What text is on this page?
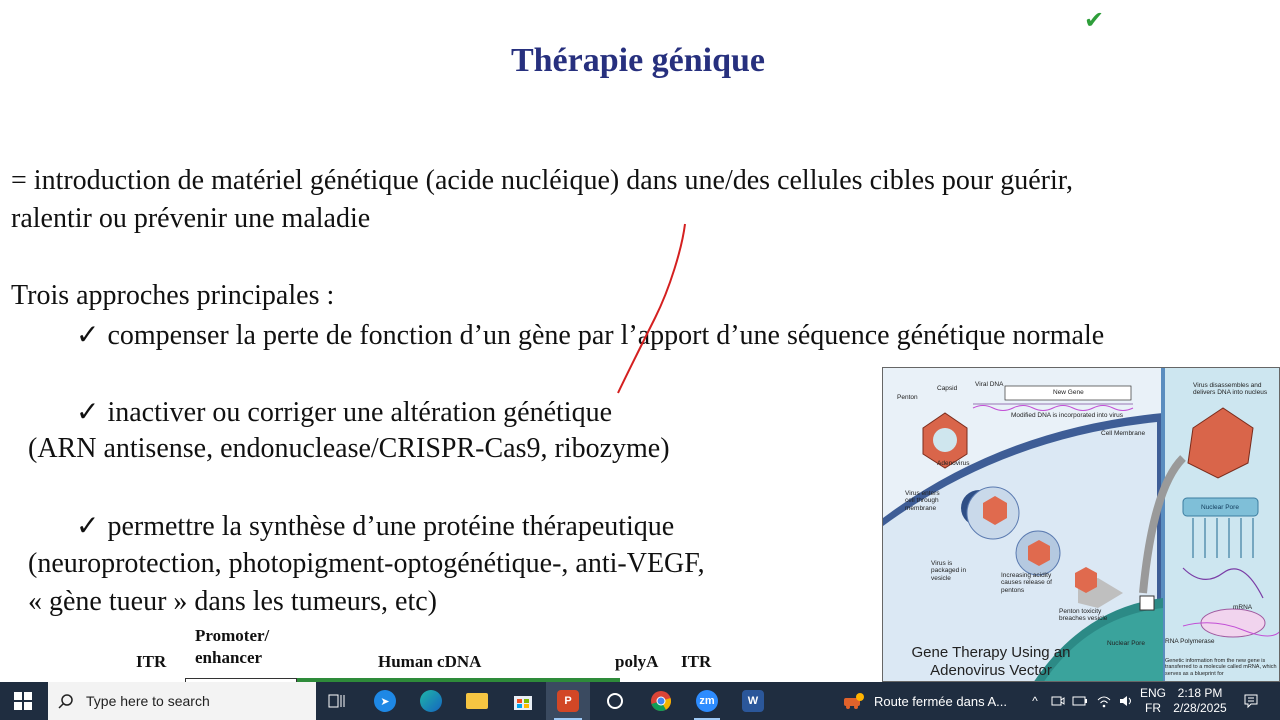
Thérapie génique
✔
= introduction de matériel génétique (acide nucléique) dans une/des cellules cibles pour guérir,
ralentir ou prévenir une maladie
Trois approches principales :
✓ compenser la perte de fonction d’un gène par l’apport d’une séquence génétique normale
✓ inactiver ou corriger une altération génétique
(ARN antisense, endonuclease/CRISPR-Cas9, ribozyme)
✓ permettre la synthèse d’une protéine thérapeutique
(neuroprotection, photopigment-optogénétique-, anti-VEGF,
« gène tueur » dans les tumeurs, etc)
Penton
Capsid
Viral DNA
New Gene
Modified DNA is incorporated into virus
Cell Membrane
Adenovirus
Virus enters cell through membrane
Virus is packaged in vesicle	Increasing acidity causes release of pentons
Penton toxicity breaches vesicle
Nuclear Pore
Virus disassembles and delivers DNA into nucleus
Nuclear Pore
mRNA
RNA Polymerase
Genetic information from the new gene is transferred to a molecule called mRNA, which serves as a blueprint for
Gene Therapy Using an
Adenovirus Vector
ITR
Promoter/ enhancer	Human cDNA	polyA ITR
Type here to search	➤	P	zm	W	Route fermée dans A... ^
ENG
FR
2:18 PM
2/28/2025
